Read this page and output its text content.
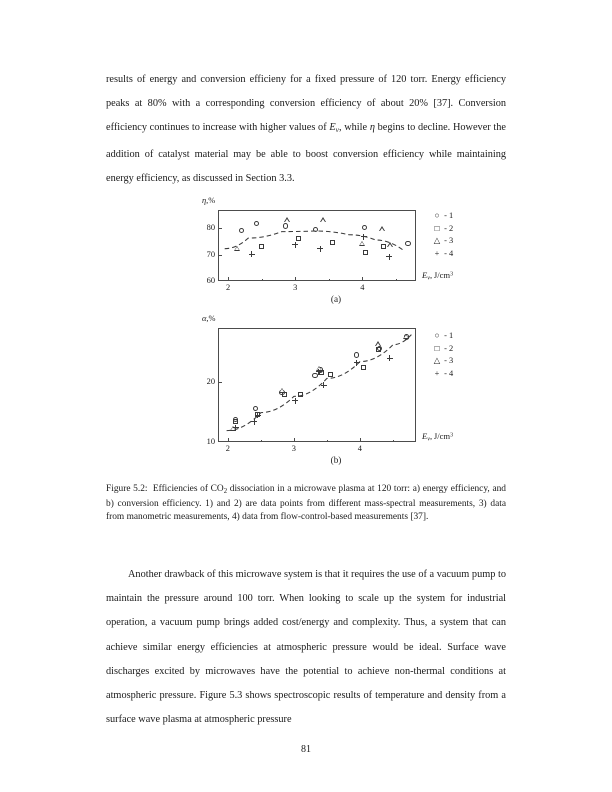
results of energy and conversion efficieny for a fixed pressure of 120 torr. Energy efficiency peaks at 80% with a corresponding conversion efficiency of about 20% [37]. Conversion efficiency continues to increase with higher values of $E_v$, while η begins to decline. However the addition of catalyst material may be able to boost conversion efficiency while maintaining energy efficiency, as discussed in Section 3.3.

η,%
$E_v$, $J/cm^3$
(a)
○ - 1
□ - 2
△ - 3
+ - 4
60
70
80
2	3	4
α,%
$E_v$, $J/cm^3$
(b)
○ - 1
□ - 2
△ - 3
+ - 4
10
20
2	3	4

Figure 5.2:  Efficiencies of $CO_2$ dissociation in a microwave plasma at 120 torr: a) energy efficiency, and b) conversion efficiency. 1) and 2) are data points from different mass-spectral measurements, 3) data from manometric measurements, 4) data from flow-control-based measurements [37].

Another drawback of this microwave system is that it requires the use of a vacuum pump to maintain the pressure around 100 torr. When looking to scale up the system for industrial operation, a vacuum pump brings added cost/energy and complexity. Thus, a system that can achieve similar energy efficiencies at atmospheric pressure would be ideal. Surface wave discharges excited by microwaves have the potential to achieve non-thermal conditions at atmospheric pressure. Figure 5.3 shows spectroscopic results of temperature and density from a surface wave plasma at atmospheric pressure

81
